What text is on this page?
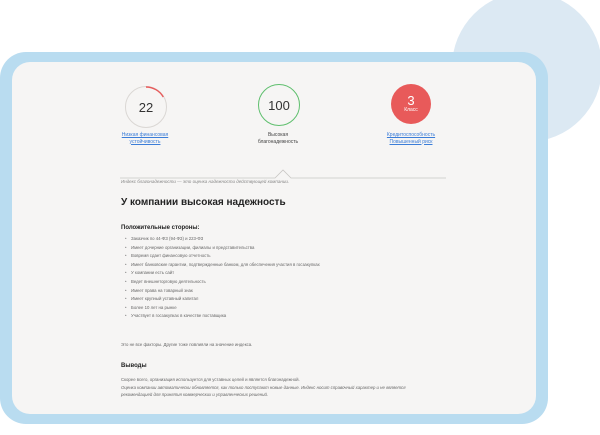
22
Низкая финансовая
устойчивость
100
Высокая
благонадежность
3
Класс
Кредитоспособность
Повышенный риск
Индекс благонадежности — это оценка надежности действующей компании.
У компании высокая надежность
Положительные стороны:
• Заказчик по 44-ФЗ (94-ФЗ) и 223-ФЗ
• Имеет дочерние организации, филиалы и представительства
• Вовремя сдает финансовую отчетность
• Имеет банковские гарантии, подтвержденные банком, для обеспечения участия в госзакупках
• У компании есть сайт
• Ведет внешнеторговую деятельность
• Имеет права на товарный знак
• Имеет крупный уставный капитал
• Более 10 лет на рынке
• Участвует в госзакупках в качестве поставщика
Это не все факторы. Другие тоже повлияли на значение индекса.
Выводы
Скорее всего, организация используется для уставных целей и является благонадежной.
Оценка компании автоматически обновляется, как только поступают новые данные. Индекс носит справочный характер и не является
рекомендацией для принятия коммерческих и управленческих решений.
